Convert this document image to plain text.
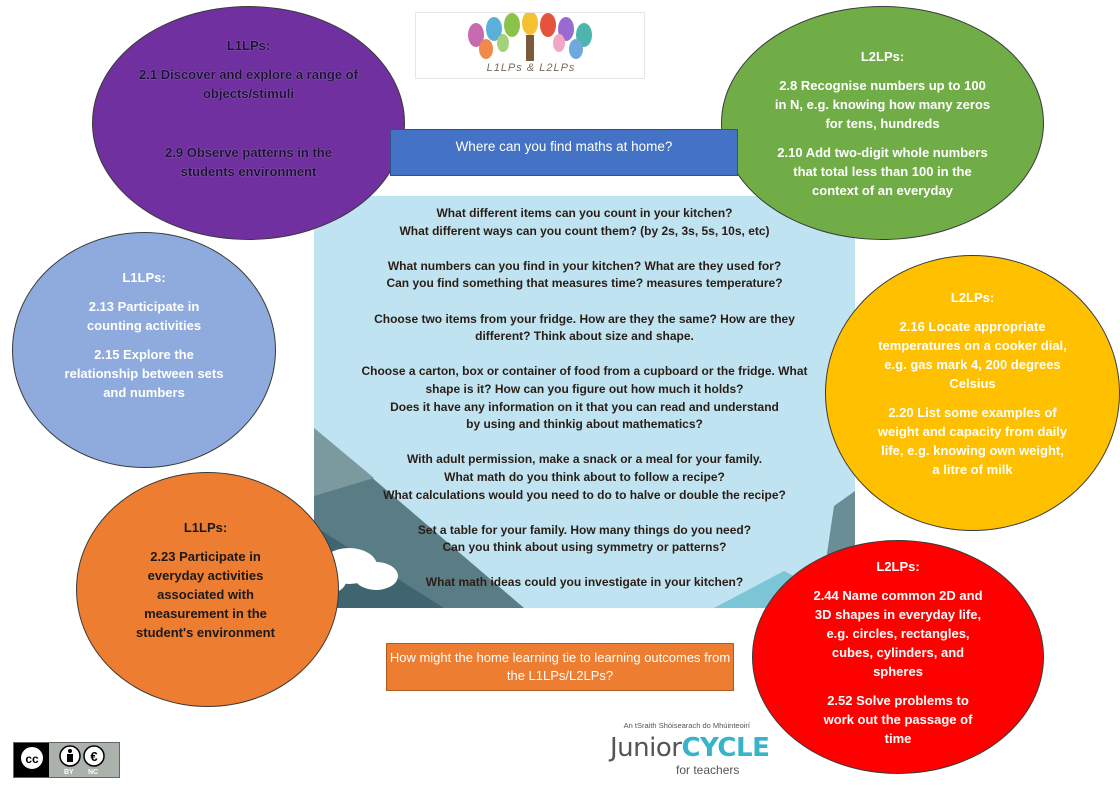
What different items can you count in your kitchen?
What different ways can you count them? (by 2s, 3s, 5s, 10s, etc)
What numbers can you find in your kitchen? What are they used for?
Can you find something that measures time? measures temperature?
Choose two items from your fridge. How are they the same? How are they
different? Think about size and shape.
Choose a carton, box or container of food from a cupboard or the fridge. What
shape is it? How can you figure out how much it holds?
Does it have any information on it that you can read and understand
by using and thinkig about mathematics?
With adult permission, make a snack or a meal for your family.
What math do you think about to follow a recipe?
What calculations would you need to do to halve or double the recipe?
Set a table for your family. How many things do you need?
Can you think about using symmetry or patterns?
What math ideas could you investigate in your kitchen?
L1LPs & L2LPs
L1LPs:

2.1 Discover and explore a range of objects/stimuli

2.9 Observe patterns in the students environment

L2LPs:

2.8 Recognise numbers up to 100 in N, e.g. knowing how many zeros for tens, hundreds

2.10 Add two-digit whole numbers that total less than 100 in the context of an everyday

L1LPs:

2.13 Participate in counting activities

2.15 Explore the relationship between sets and numbers

L2LPs:

2.16 Locate appropriate temperatures on a cooker dial, e.g. gas mark 4, 200 degrees Celsius

2.20 List some examples of weight and capacity from daily life, e.g. knowing own weight, a litre of milk

L1LPs:

2.23 Participate in everyday activities associated with measurement in the student's environment

L2LPs:

2.44 Name common 2D and 3D shapes in everyday life, e.g. circles, rectangles, cubes, cylinders, and spheres

2.52 Solve problems to work out the passage of time

Where can you find maths at home?
How might the home learning tie to learning outcomes from the L1LPs/L2LPs?
An tSraith Shóisearach do Mhúinteoirí
JuniorCYCLE
for teachers
cc	€
BY NC
